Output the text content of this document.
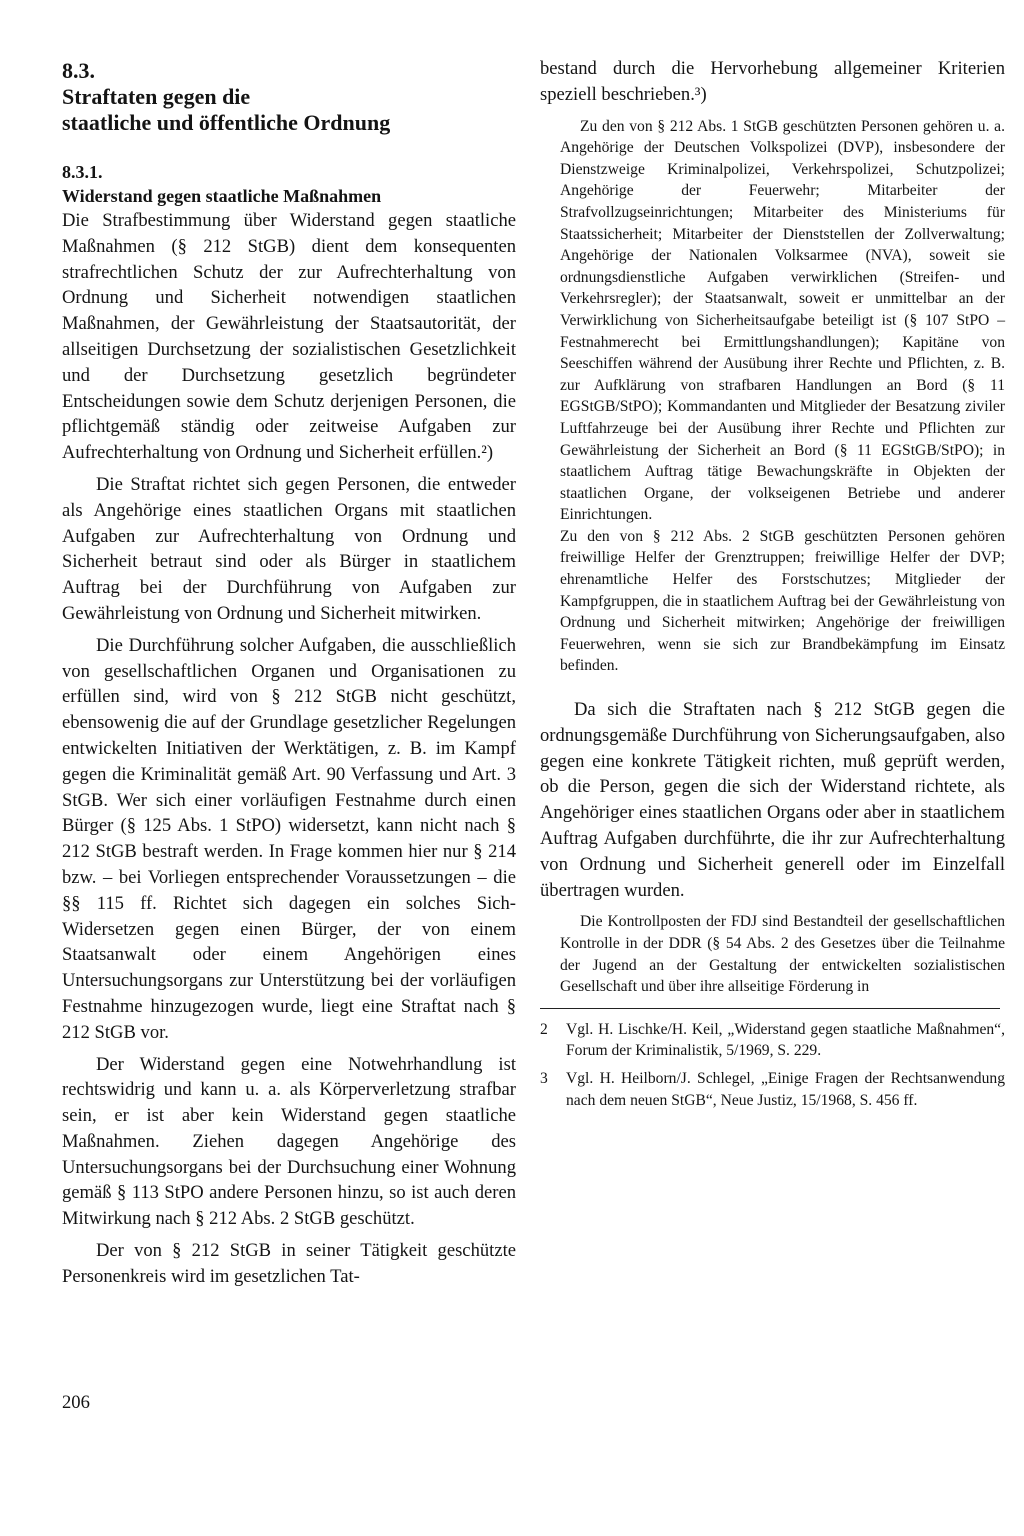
8.3.

Straftaten gegen die

staatliche und öffentliche Ordnung

8.3.1.

Widerstand gegen staatliche Maßnahmen

Die Strafbestimmung über Widerstand gegen staatliche Maßnahmen (§ 212 StGB) dient dem konsequenten strafrechtlichen Schutz der zur Aufrechterhaltung von Ordnung und Sicherheit notwendigen staatlichen Maßnahmen, der Gewährleistung der Staatsautorität, der allseitigen Durchsetzung der sozialistischen Gesetzlichkeit und der Durchsetzung gesetzlich begründeter Entscheidungen sowie dem Schutz derjenigen Personen, die pflichtgemäß ständig oder zeitweise Aufgaben zur Aufrechterhaltung von Ordnung und Sicherheit erfüllen.²)

Die Straftat richtet sich gegen Personen, die entweder als Angehörige eines staatlichen Organs mit staatlichen Aufgaben zur Aufrechterhaltung von Ordnung und Sicherheit betraut sind oder als Bürger in staatlichem Auftrag bei der Durchführung von Aufgaben zur Gewährleistung von Ordnung und Sicherheit mitwirken.

Die Durchführung solcher Aufgaben, die ausschließlich von gesellschaftlichen Organen und Organisationen zu erfüllen sind, wird von § 212 StGB nicht geschützt, ebensowenig die auf der Grundlage gesetzlicher Regelungen entwickelten Initiativen der Werktätigen, z. B. im Kampf gegen die Kriminalität gemäß Art. 90 Verfassung und Art. 3 StGB. Wer sich einer vorläufigen Festnahme durch einen Bürger (§ 125 Abs. 1 StPO) widersetzt, kann nicht nach § 212 StGB bestraft werden. In Frage kommen hier nur § 214 bzw. – bei Vorliegen entsprechender Voraussetzungen – die §§ 115 ff. Richtet sich dagegen ein solches Sich-Widersetzen gegen einen Bürger, der von einem Staatsanwalt oder einem Angehörigen eines Untersuchungsorgans zur Unterstützung bei der vorläufigen Festnahme hinzugezogen wurde, liegt eine Straftat nach § 212 StGB vor.

Der Widerstand gegen eine Notwehrhandlung ist rechtswidrig und kann u. a. als Körperverletzung strafbar sein, er ist aber kein Widerstand gegen staatliche Maßnahmen. Ziehen dagegen Angehörige des Untersuchungsorgans bei der Durchsuchung einer Wohnung gemäß § 113 StPO andere Personen hinzu, so ist auch deren Mitwirkung nach § 212 Abs. 2 StGB geschützt.

Der von § 212 StGB in seiner Tätigkeit geschützte Personenkreis wird im gesetzlichen Tat-

bestand durch die Hervorhebung allgemeiner Kriterien speziell beschrieben.³)

Zu den von § 212 Abs. 1 StGB geschützten Personen gehören u. a. Angehörige der Deutschen Volkspolizei (DVP), insbesondere der Dienstzweige Kriminalpolizei, Verkehrspolizei, Schutzpolizei; Angehörige der Feuerwehr; Mitarbeiter der Strafvollzugseinrichtungen; Mitarbeiter des Ministeriums für Staatssicherheit; Mitarbeiter der Dienststellen der Zollverwaltung; Angehörige der Nationalen Volksarmee (NVA), soweit sie ordnungsdienstliche Aufgaben verwirklichen (Streifen- und Verkehrsregler); der Staatsanwalt, soweit er unmittelbar an der Verwirklichung von Sicherheitsaufgabe beteiligt ist (§ 107 StPO – Festnahmerecht bei Ermittlungshandlungen); Kapitäne von Seeschiffen während der Ausübung ihrer Rechte und Pflichten, z. B. zur Aufklärung von strafbaren Handlungen an Bord (§ 11 EGStGB/StPO); Kommandanten und Mitglieder der Besatzung ziviler Luftfahrzeuge bei der Ausübung ihrer Rechte und Pflichten zur Gewährleistung der Sicherheit an Bord (§ 11 EGStGB/StPO); in staatlichem Auftrag tätige Bewachungskräfte in Objekten der staatlichen Organe, der volkseigenen Betriebe und anderer Einrichtungen.

Zu den von § 212 Abs. 2 StGB geschützten Personen gehören freiwillige Helfer der Grenztruppen; freiwillige Helfer der DVP; ehrenamtliche Helfer des Forstschutzes; Mitglieder der Kampfgruppen, die in staatlichem Auftrag bei der Gewährleistung von Ordnung und Sicherheit mitwirken; Angehörige der freiwilligen Feuerwehren, wenn sie sich zur Brandbekämpfung im Einsatz befinden.

Da sich die Straftaten nach § 212 StGB gegen die ordnungsgemäße Durchführung von Sicherungsaufgaben, also gegen eine konkrete Tätigkeit richten, muß geprüft werden, ob die Person, gegen die sich der Widerstand richtete, als Angehöriger eines staatlichen Organs oder aber in staatlichem Auftrag Aufgaben durchführte, die ihr zur Aufrechterhaltung von Ordnung und Sicherheit generell oder im Einzelfall übertragen wurden.

Die Kontrollposten der FDJ sind Bestandteil der gesellschaftlichen Kontrolle in der DDR (§ 54 Abs. 2 des Gesetzes über die Teilnahme der Jugend an der Gestaltung der entwickelten sozialistischen Gesellschaft und über ihre allseitige Förderung in

2	Vgl. H. Lischke/H. Keil, „Widerstand gegen staatliche Maßnahmen“, Forum der Kriminalistik, 5/1969, S. 229.
3	Vgl. H. Heilborn/J. Schlegel, „Einige Fragen der Rechtsanwendung nach dem neuen StGB“, Neue Justiz, 15/1968, S. 456 ff.
206
